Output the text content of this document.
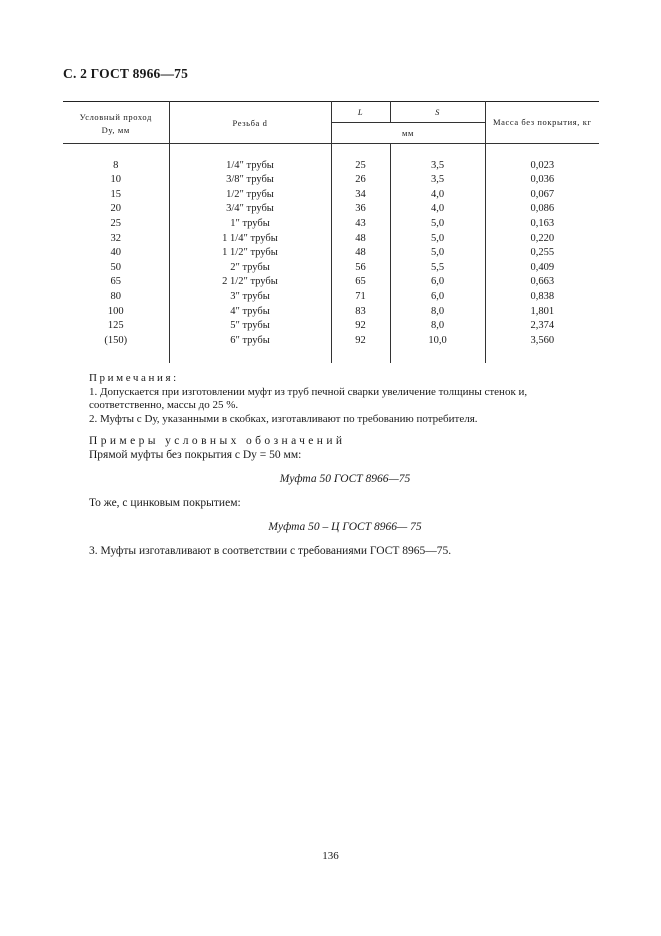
С. 2 ГОСТ 8966—75
Условный проход
Dу, мм	Резьба d	L	S	Масса без покрытия, кг
		мм		

8	1/4″ трубы	25	3,5	0,023
10	3/8″ трубы	26	3,5	0,036
15	1/2″ трубы	34	4,0	0,067
20	3/4″ трубы	36	4,0	0,086
25	1″ трубы	43	5,0	0,163
32	1 1/4″ трубы	48	5,0	0,220
40	1 1/2″ трубы	48	5,0	0,255
50	2″ трубы	56	5,5	0,409
65	2 1/2″ трубы	65	6,0	0,663
80	3″ трубы	71	6,0	0,838
100	4″ трубы	83	8,0	1,801
125	5″ трубы	92	8,0	2,374
(150)	6″ трубы	92	10,0	3,560

Примечания:

1. Допускается при изготовлении муфт из труб печной сварки увеличение толщины стенок и, соответственно, массы до 25 %.

2. Муфты с Dу, указанными в скобках, изготавливают по требованию потребителя.

Примеры условных обозначений

Прямой муфты без покрытия с Dу = 50 мм:

Муфта 50 ГОСТ 8966—75

То же, с цинковым покрытием:

Муфта 50 – Ц ГОСТ 8966— 75

3. Муфты изготавливают в соответствии с требованиями ГОСТ 8965—75.

136
